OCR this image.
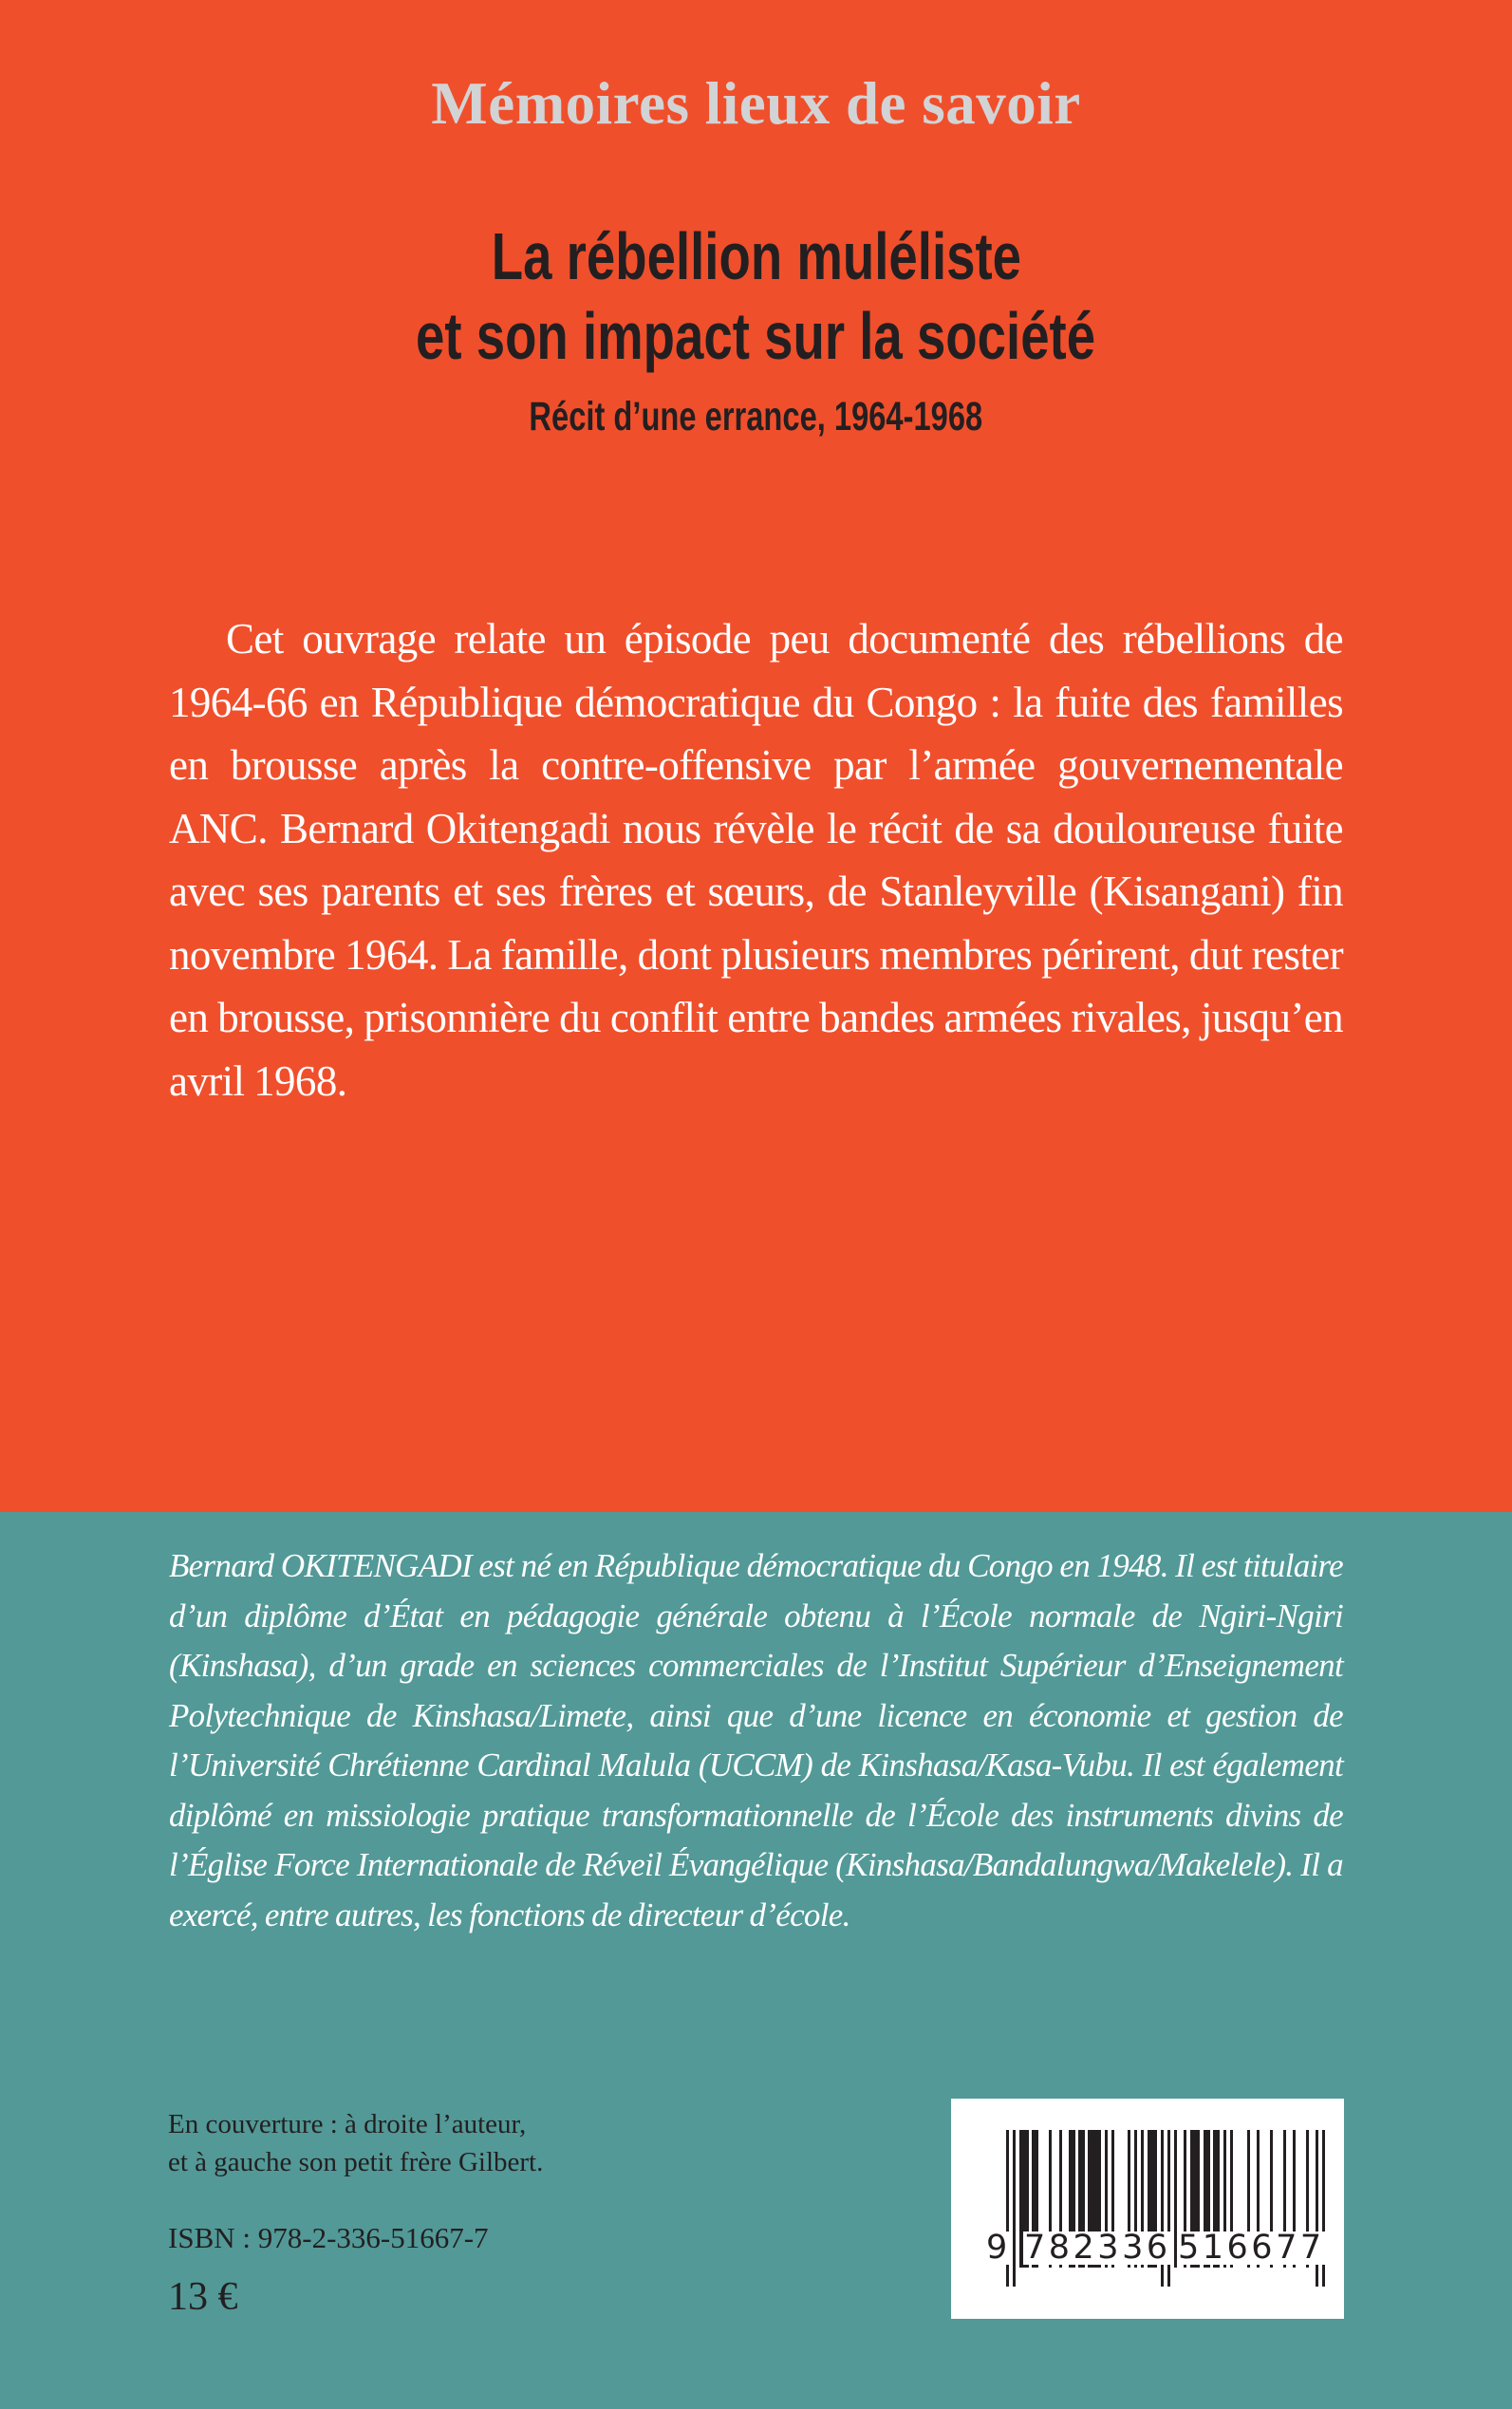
Mémoires lieux de savoir
La rébellion muléliste
et son impact sur la société
Récit d’une errance, 1964-1968
Cet ouvrage relate un épisode peu documenté des rébellions de 1964-66 en République démocratique du Congo : la fuite des familles en brousse après la contre-offensive par l’armée gouvernementale ANC. Bernard Okitengadi nous révèle le récit de sa douloureuse fuite avec ses parents et ses frères et sœurs, de Stanleyville (Kisangani) fin novembre 1964. La famille, dont plusieurs membres périrent, dut rester en brousse, prisonnière du conflit entre bandes armées rivales, jusqu’en avril 1968.
Bernard OKITENGADI est né en République démocratique du Congo en 1948. Il est titulaire d’un diplôme d’État en pédagogie générale obtenu à l’École normale de Ngiri-Ngiri (Kinshasa), d’un grade en sciences commerciales de l’Institut Supérieur d’Enseignement Polytechnique de Kinshasa/Limete, ainsi que d’une licence en économie et gestion de l’Université Chrétienne Cardinal Malula (UCCM) de Kinshasa/Kasa-Vubu. Il est également diplômé en missiologie pratique transformationnelle de l’École des instruments divins de l’Église Force Internationale de Réveil Évangélique (Kinshasa/Bandalungwa/Makelele). Il a exercé, entre autres, les fonctions de directeur d’école.
En couverture : à droite l’auteur,
et à gauche son petit frère Gilbert.
ISBN : 978-2-336-51667-7
13 €
9 782336 516677
